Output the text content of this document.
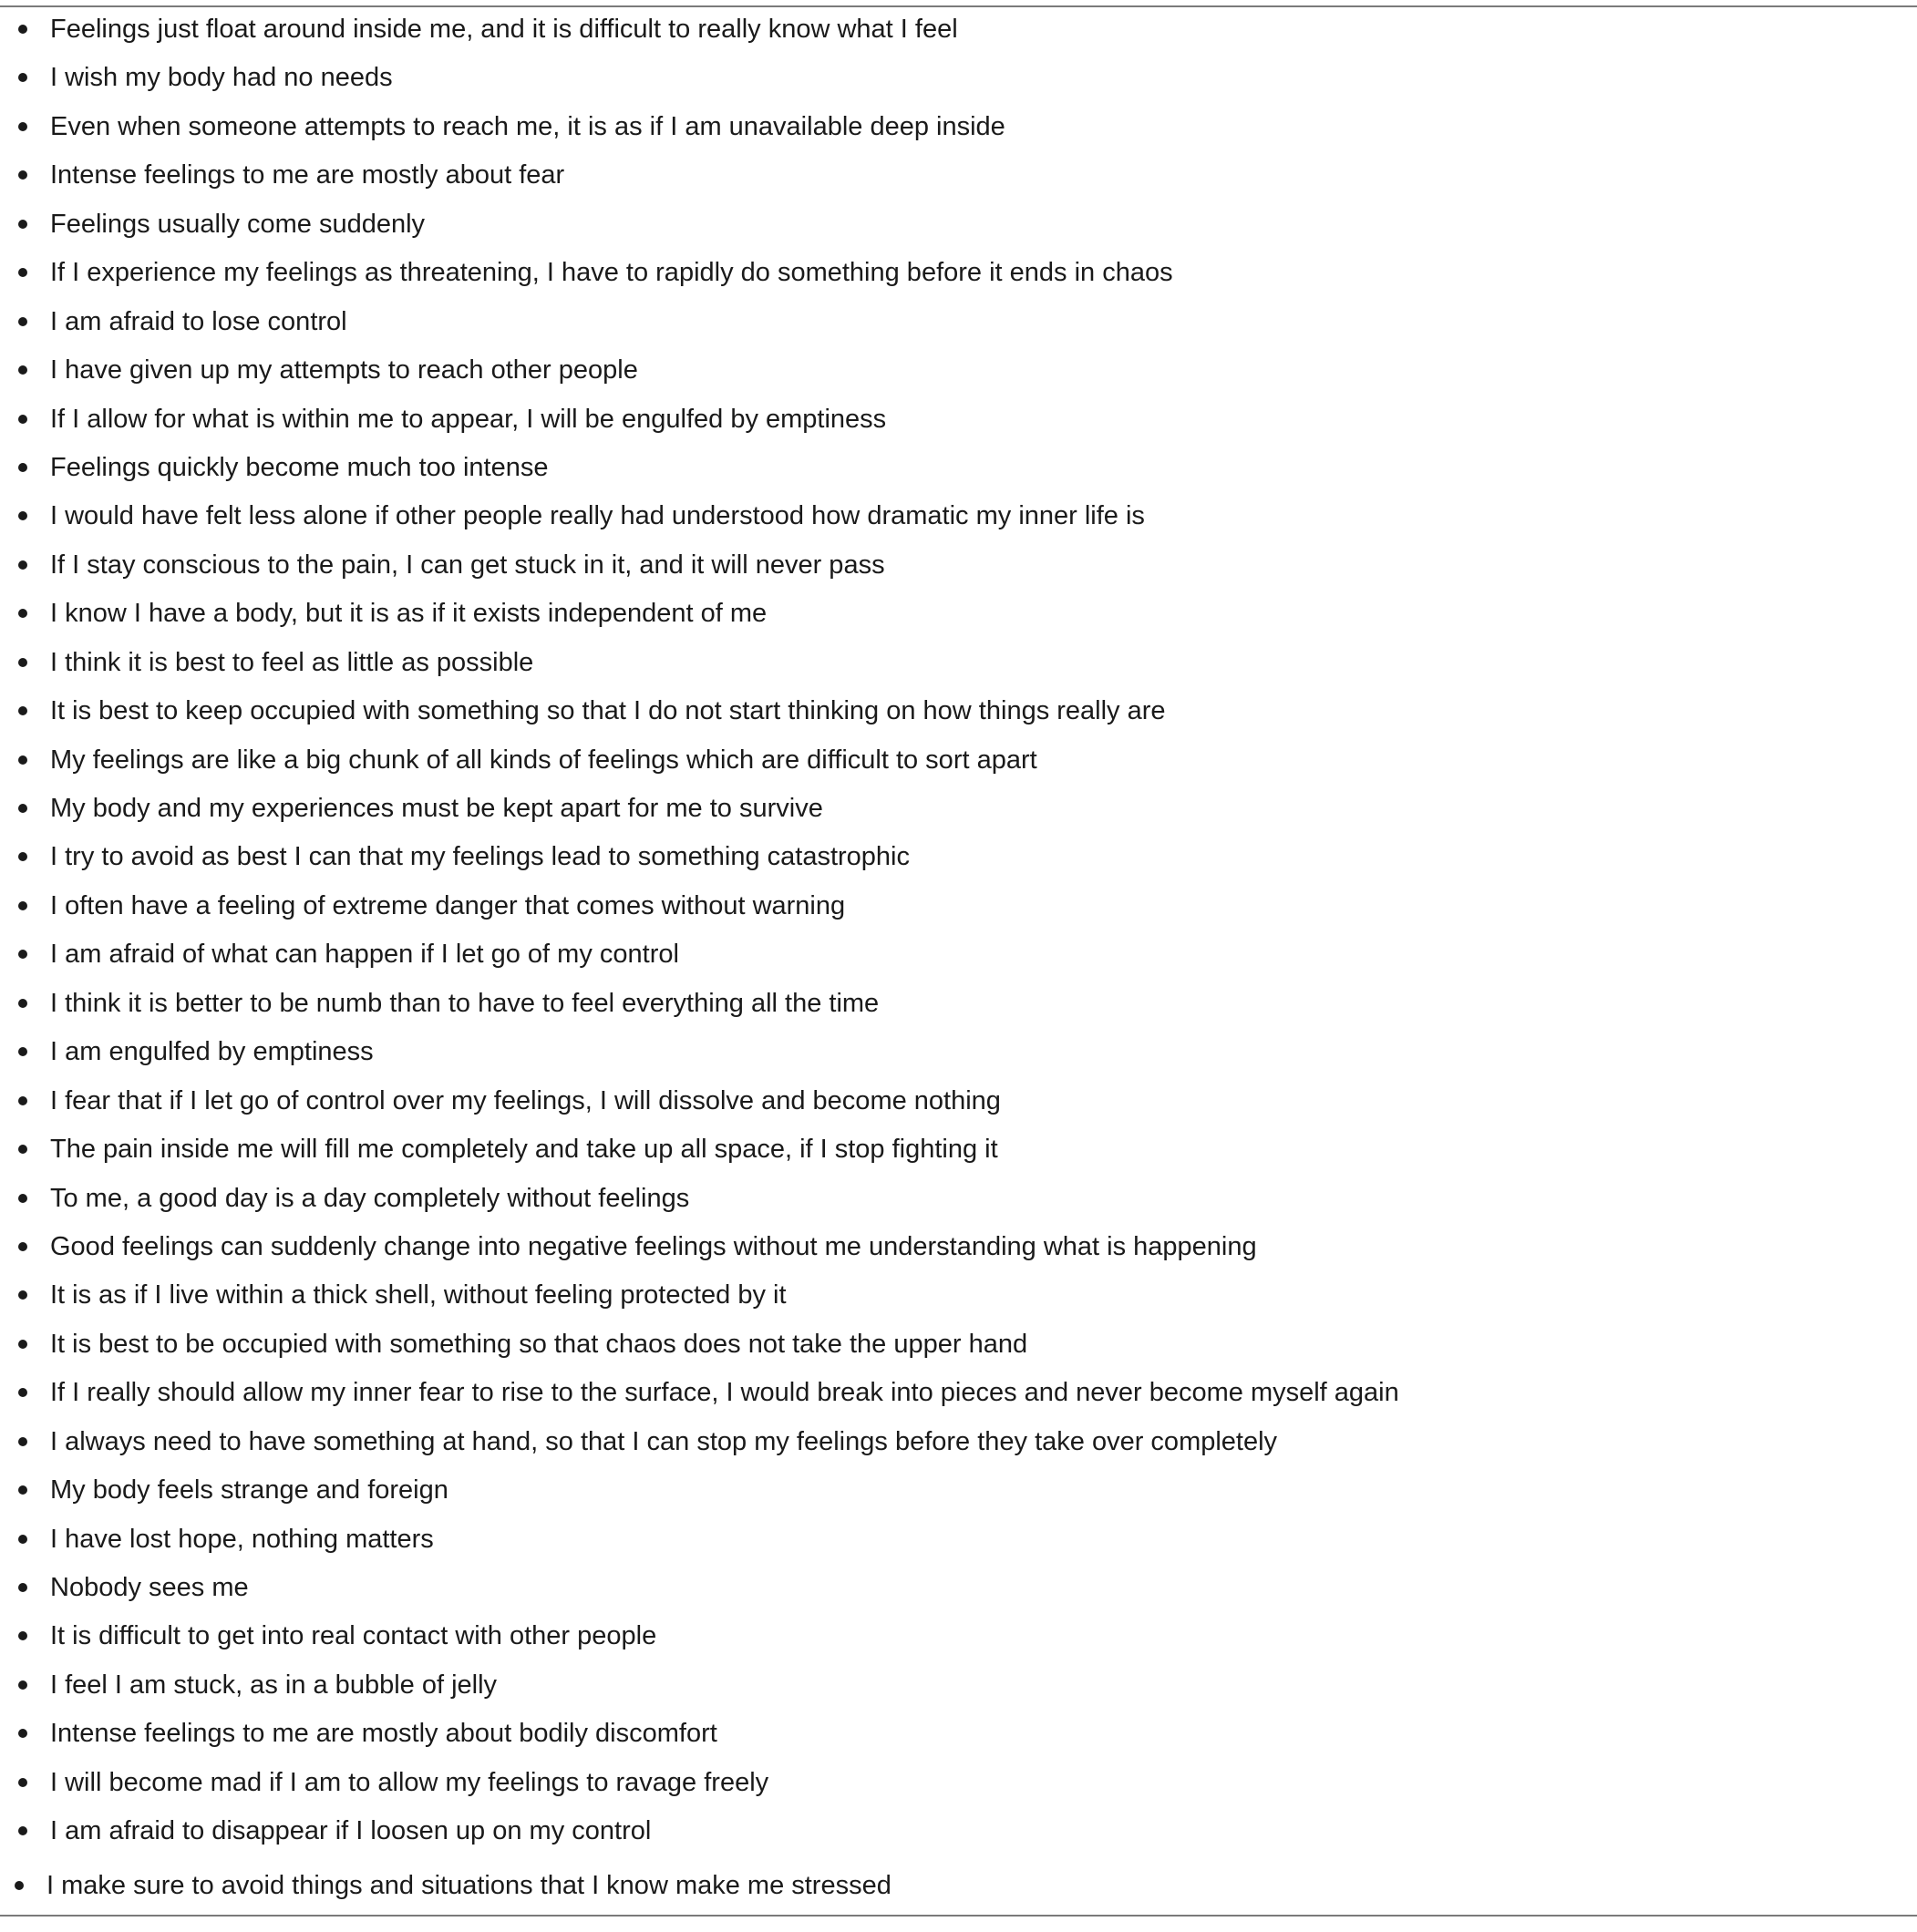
Feelings just float around inside me, and it is difficult to really know what I feel
I wish my body had no needs
Even when someone attempts to reach me, it is as if I am unavailable deep inside
Intense feelings to me are mostly about fear
Feelings usually come suddenly
If I experience my feelings as threatening, I have to rapidly do something before it ends in chaos
I am afraid to lose control
I have given up my attempts to reach other people
If I allow for what is within me to appear, I will be engulfed by emptiness
Feelings quickly become much too intense
I would have felt less alone if other people really had understood how dramatic my inner life is
If I stay conscious to the pain, I can get stuck in it, and it will never pass
I know I have a body, but it is as if it exists independent of me
I think it is best to feel as little as possible
It is best to keep occupied with something so that I do not start thinking on how things really are
My feelings are like a big chunk of all kinds of feelings which are difficult to sort apart
My body and my experiences must be kept apart for me to survive
I try to avoid as best I can that my feelings lead to something catastrophic
I often have a feeling of extreme danger that comes without warning
I am afraid of what can happen if I let go of my control
I think it is better to be numb than to have to feel everything all the time
I am engulfed by emptiness
I fear that if I let go of control over my feelings, I will dissolve and become nothing
The pain inside me will fill me completely and take up all space, if I stop fighting it
To me, a good day is a day completely without feelings
Good feelings can suddenly change into negative feelings without me understanding what is happening
It is as if I live within a thick shell, without feeling protected by it
It is best to be occupied with something so that chaos does not take the upper hand
If I really should allow my inner fear to rise to the surface, I would break into pieces and never become myself again
I always need to have something at hand, so that I can stop my feelings before they take over completely
My body feels strange and foreign
I have lost hope, nothing matters
Nobody sees me
It is difficult to get into real contact with other people
I feel I am stuck, as in a bubble of jelly
Intense feelings to me are mostly about bodily discomfort
I will become mad if I am to allow my feelings to ravage freely
I am afraid to disappear if I loosen up on my control
I make sure to avoid things and situations that I know make me stressed
